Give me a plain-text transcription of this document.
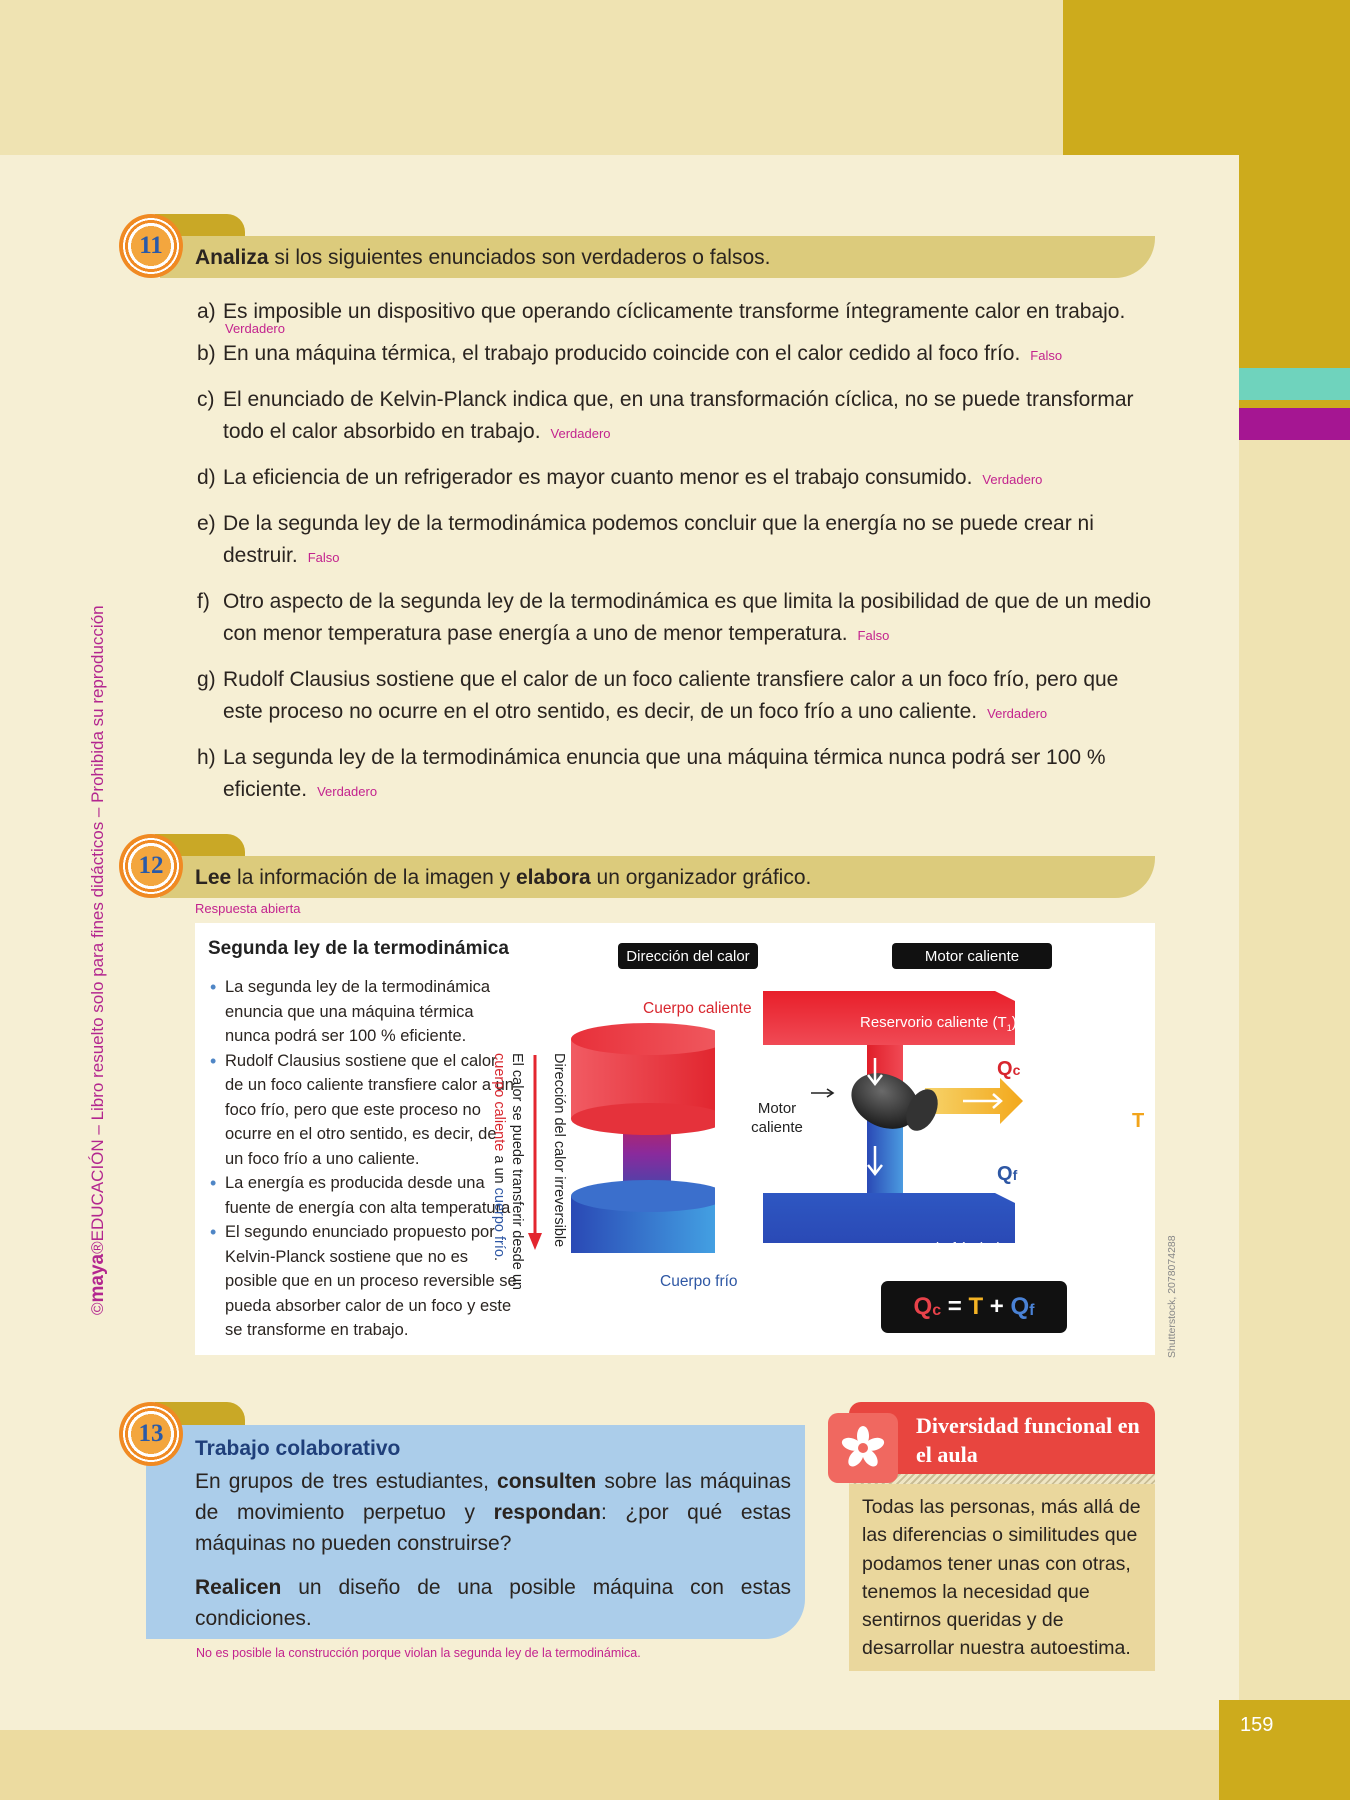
159
©maya®EDUCACIÓN – Libro resuelto solo para fines didácticos – Prohibida su reproducción
11 Analiza si los siguientes enunciados son verdaderos o falsos.
a) Es imposible un dispositivo que operando cíclicamente transforme íntegramente calor en trabajo.
Verdadero
b) En una máquina térmica, el trabajo producido coincide con el calor cedido al foco frío. Falso
c) El enunciado de Kelvin-Planck indica que, en una transformación cíclica, no se puede transformar todo el calor absorbido en trabajo. Verdadero
d) La eficiencia de un refrigerador es mayor cuanto menor es el trabajo consumido. Verdadero
e) De la segunda ley de la termodinámica podemos concluir que la energía no se puede crear ni destruir. Falso
f) Otro aspecto de la segunda ley de la termodinámica es que limita la posibilidad de que de un medio con menor temperatura pase energía a uno de menor temperatura. Falso
g) Rudolf Clausius sostiene que el calor de un foco caliente transfiere calor a un foco frío, pero que este proceso no ocurre en el otro sentido, es decir, de un foco frío a uno caliente. Verdadero
h) La segunda ley de la termodinámica enuncia que una máquina térmica nunca podrá ser 100 % eficiente. Verdadero
12 Lee la información de la imagen y elabora un organizador gráfico.
Respuesta abierta
Segunda ley de la termodinámica
• La segunda ley de la termodinámica enuncia que una máquina térmica nunca podrá ser 100 % eficiente.
• Rudolf Clausius sostiene que el calor de un foco caliente transfiere calor a un foco frío, pero que este proceso no ocurre en el otro sentido, es decir, de un foco frío a uno caliente.
• La energía es producida desde una fuente de energía con alta temperatura
• El segundo enunciado propuesto por Kelvin-Planck sostiene que no es posible que en un proceso reversible se pueda absorber calor de un foco y este se transforme en trabajo.
Dirección del calor
Cuerpo caliente
Cuerpo frío
Dirección del calor irreversible
El calor se puede transferir desde un
cuerpo caliente a un cuerpo frío.
Motor caliente
Reservorio caliente $(T_1)$
Reservorio frío $(T_2)$
Motor
caliente
Qc
Qf
T
Q c = T + Q f	Shutterstock, 2078074288
13
Trabajo colaborativo

En grupos de tres estudiantes, consulten sobre las máquinas de movimiento perpetuo y respondan: ¿por qué estas máquinas no pueden construirse?

Realicen un diseño de una posible máquina con estas condiciones.

No es posible la construcción porque violan la segunda ley de la termodinámica.
Diversidad funcional en el aula
Todas las personas, más allá de las diferencias o similitudes que podamos tener unas con otras, tenemos la necesidad que sentirnos queridas y de desarrollar nuestra autoestima.
